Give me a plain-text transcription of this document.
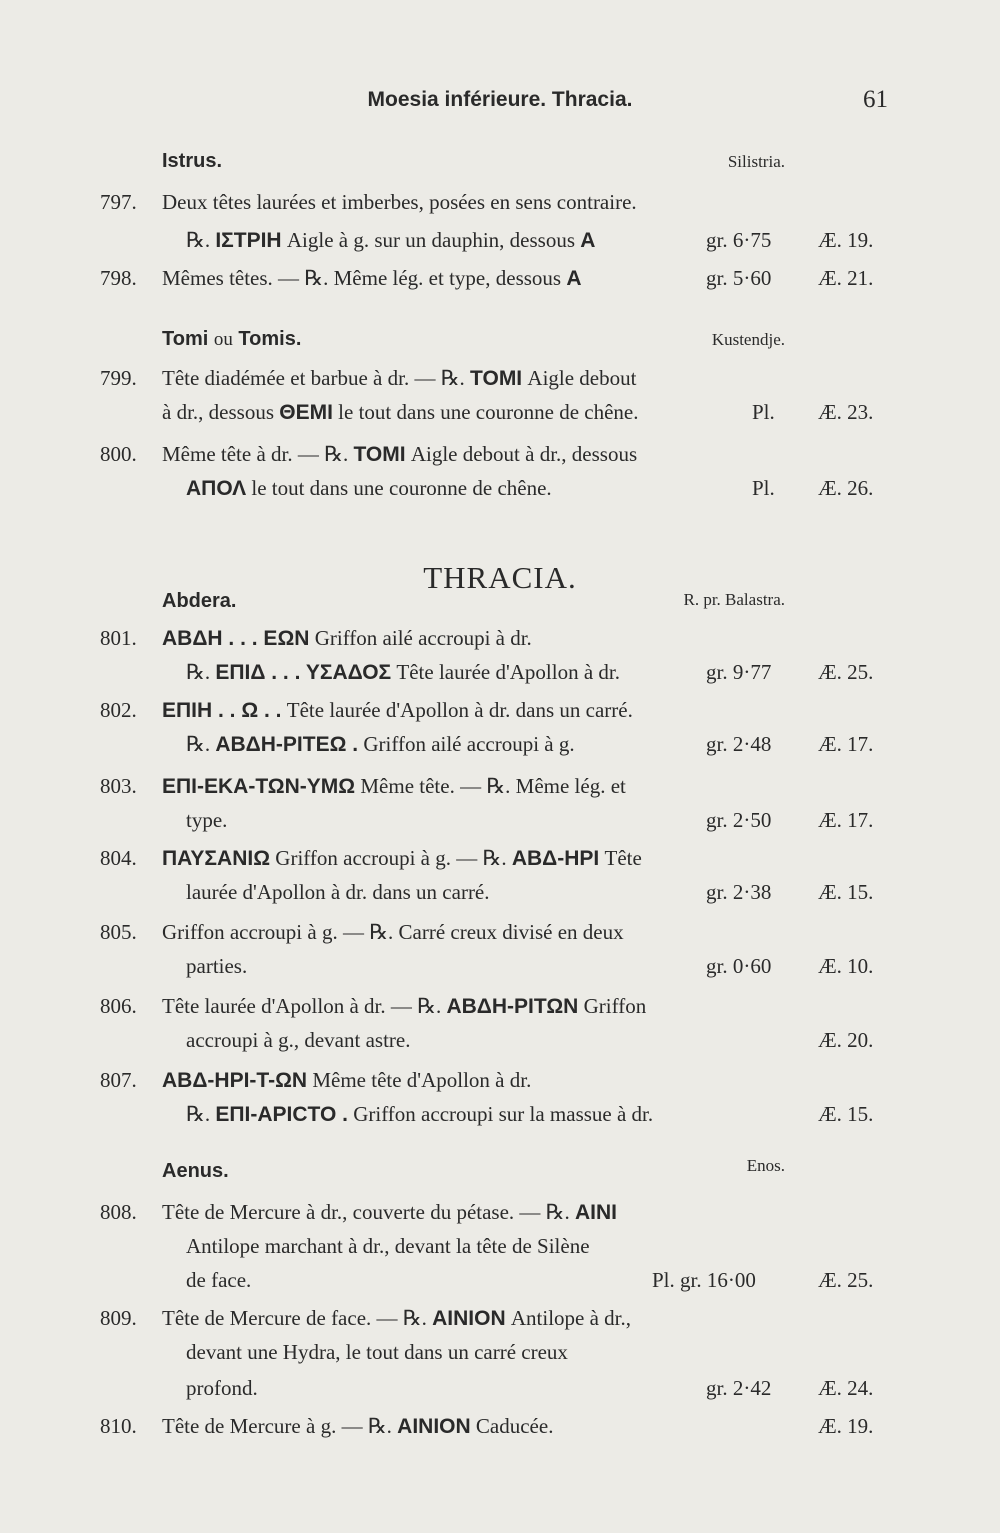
Moesia inférieure. Thracia.	61
Istrus.	Silistria.
797. Deux têtes laurées et imberbes, posées en sens contraire.
℞. ΙΣΤΡΙΗ Aigle à g. sur un dauphin, dessous Α	gr. 6·75 Æ. 19.
798. Mêmes têtes. — ℞. Même lég. et type, dessous Α	gr. 5·60 Æ. 21.
Tomi ou Tomis.	Kustendje.
799. Tête diadémée et barbue à dr. — ℞. ΤΟΜΙ Aigle debout
à dr., dessous ΘΕΜΙ le tout dans une couronne de chêne.	Pl. Æ. 23.
800. Même tête à dr. — ℞. ΤΟΜΙ Aigle debout à dr., dessous
ΑΠΟΛ le tout dans une couronne de chêne.	Pl. Æ. 26.
THRACIA.
Abdera.	R. pr. Balastra.
801. ΑΒΔΗ . . . ΕΩΝ Griffon ailé accroupi à dr.
℞. ΕΠΙΔ . . . ΥΣΑΔΟΣ Tête laurée d'Apollon à dr.	gr. 9·77 Æ. 25.
802. ΕΠΙΗ . . Ω . . Tête laurée d'Apollon à dr. dans un carré.
℞. ΑΒΔΗ-ΡΙΤΕΩ . Griffon ailé accroupi à g.	gr. 2·48 Æ. 17.
803. ΕΠΙ-ΕΚΑ-ΤΩΝ-ΥΜΩ Même tête. — ℞. Même lég. et
type.	gr. 2·50 Æ. 17.
804. ΠΑΥΣΑΝΙΩ Griffon accroupi à g. — ℞. ΑΒΔ-ΗΡΙ Tête
laurée d'Apollon à dr. dans un carré.	gr. 2·38 Æ. 15.
805. Griffon accroupi à g. — ℞. Carré creux divisé en deux
parties.	gr. 0·60 Æ. 10.
806. Tête laurée d'Apollon à dr. — ℞. ΑΒΔΗ-ΡΙΤΩΝ Griffon
accroupi à g., devant astre.	Æ. 20.
807. ΑΒΔ-ΗΡΙ-Τ-ΩΝ Même tête d'Apollon à dr.
℞. ΕΠΙ-ΑΡΙCΤΟ . Griffon accroupi sur la massue à dr.	Æ. 15.
Aenus.	Enos.
808. Tête de Mercure à dr., couverte du pétase. — ℞. ΑΙΝΙ
Antilope marchant à dr., devant la tête de Silène
de face.	Pl. gr. 16·00	Æ. 25.
809. Tête de Mercure de face. — ℞. ΑΙΝΙΟΝ Antilope à dr.,
devant une Hydra, le tout dans un carré creux
profond.	gr. 2·42 Æ. 24.
810. Tête de Mercure à g. — ℞. ΑΙΝΙΟΝ Caducée.	Æ. 19.
